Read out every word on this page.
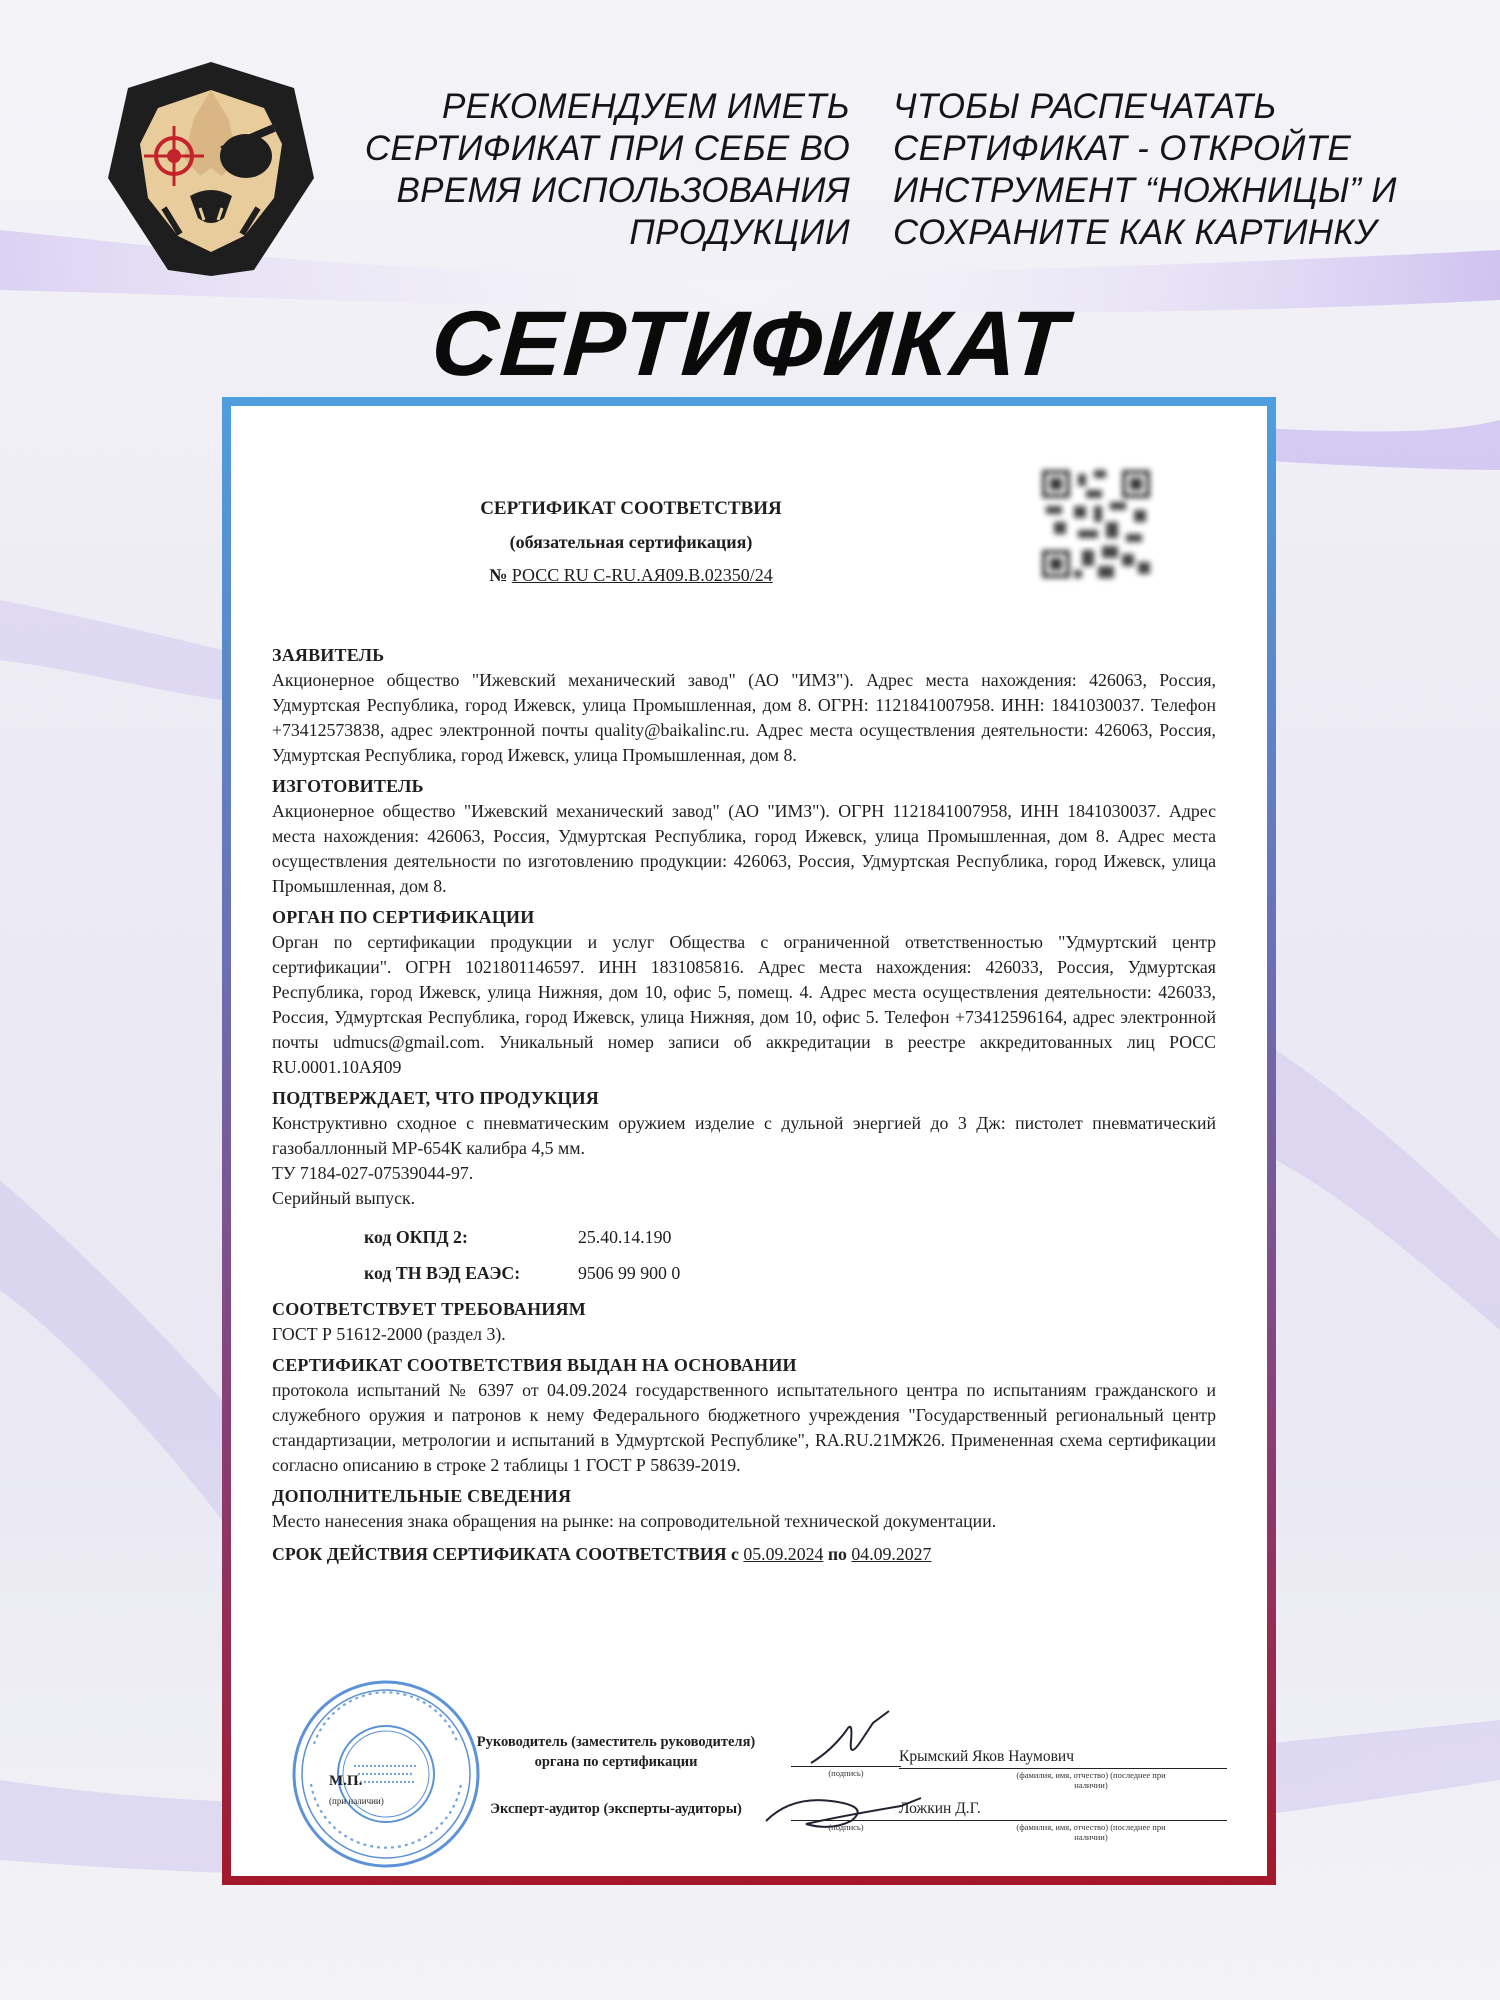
РЕКОМЕНДУЕМ ИМЕТЬ
СЕРТИФИКАТ ПРИ СЕБЕ ВО
ВРЕМЯ ИСПОЛЬЗОВАНИЯ
ПРОДУКЦИИ
ЧТОБЫ РАСПЕЧАТАТЬ
СЕРТИФИКАТ - ОТКРОЙТЕ
ИНСТРУМЕНТ “НОЖНИЦЫ” И
СОХРАНИТЕ КАК КАРТИНКУ
СЕРТИФИКАТ
СЕРТИФИКАТ СООТВЕТСТВИЯ
(обязательная сертификация)
№ РОСС RU C-RU.АЯ09.В.02350/24
ЗАЯВИТЕЛЬ
Акционерное общество "Ижевский механический завод" (АО "ИМЗ"). Адрес места нахождения: 426063, Россия, Удмуртская Республика, город Ижевск, улица Промышленная, дом 8. ОГРН: 1121841007958. ИНН: 1841030037. Телефон +73412573838, адрес электронной почты quality@baikalinc.ru. Адрес места осуществления деятельности: 426063, Россия, Удмуртская Республика, город Ижевск, улица Промышленная, дом 8.
ИЗГОТОВИТЕЛЬ
Акционерное общество "Ижевский механический завод" (АО "ИМЗ"). ОГРН 1121841007958, ИНН 1841030037. Адрес места нахождения: 426063, Россия, Удмуртская Республика, город Ижевск, улица Промышленная, дом 8. Адрес места осуществления деятельности по изготовлению продукции: 426063, Россия, Удмуртская Республика, город Ижевск, улица Промышленная, дом 8.
ОРГАН ПО СЕРТИФИКАЦИИ
Орган по сертификации продукции и услуг Общества с ограниченной ответственностью "Удмуртский центр сертификации". ОГРН 1021801146597. ИНН 1831085816. Адрес места нахождения: 426033, Россия, Удмуртская Республика, город Ижевск, улица Нижняя, дом 10, офис 5, помещ. 4. Адрес места осуществления деятельности: 426033, Россия, Удмуртская Республика, город Ижевск, улица Нижняя, дом 10, офис 5. Телефон +73412596164, адрес электронной почты udmucs@gmail.com. Уникальный номер записи об аккредитации в реестре аккредитованных лиц РОСС RU.0001.10АЯ09
ПОДТВЕРЖДАЕТ, ЧТО ПРОДУКЦИЯ
Конструктивно сходное с пневматическим оружием изделие с дульной энергией до 3 Дж: пистолет пневматический газобаллонный МР-654К калибра 4,5 мм.
ТУ 7184-027-07539044-97.
Серийный выпуск.
код ОКПД 2:	25.40.14.190
код ТН ВЭД ЕАЭС:	9506 99 900 0
СООТВЕТСТВУЕТ ТРЕБОВАНИЯМ
ГОСТ Р 51612-2000 (раздел 3).
СЕРТИФИКАТ СООТВЕТСТВИЯ ВЫДАН НА ОСНОВАНИИ
протокола испытаний № 6397 от 04.09.2024 государственного испытательного центра по испытаниям гражданского и служебного оружия и патронов к нему Федерального бюджетного учреждения "Государственный региональный центр стандартизации, метрологии и испытаний в Удмуртской Республике", RA.RU.21МЖ26. Примененная схема сертификации согласно описанию в строке 2 таблицы 1 ГОСТ Р 58639-2019.
ДОПОЛНИТЕЛЬНЫЕ СВЕДЕНИЯ
Место нанесения знака обращения на рынке: на сопроводительной технической документации.
СРОК ДЕЙСТВИЯ СЕРТИФИКАТА СООТВЕТСТВИЯ с 05.09.2024 по 04.09.2027
М.П.
(при наличии)
Руководитель (заместитель руководителя) органа по сертификации
Эксперт-аудитор (эксперты-аудиторы)
(подпись)
Крымский Яков Наумович
(фамилия, имя, отчество) (последнее при наличии)
(подпись)
Ложкин Д.Г.
(фамилия, имя, отчество) (последнее при наличии)
